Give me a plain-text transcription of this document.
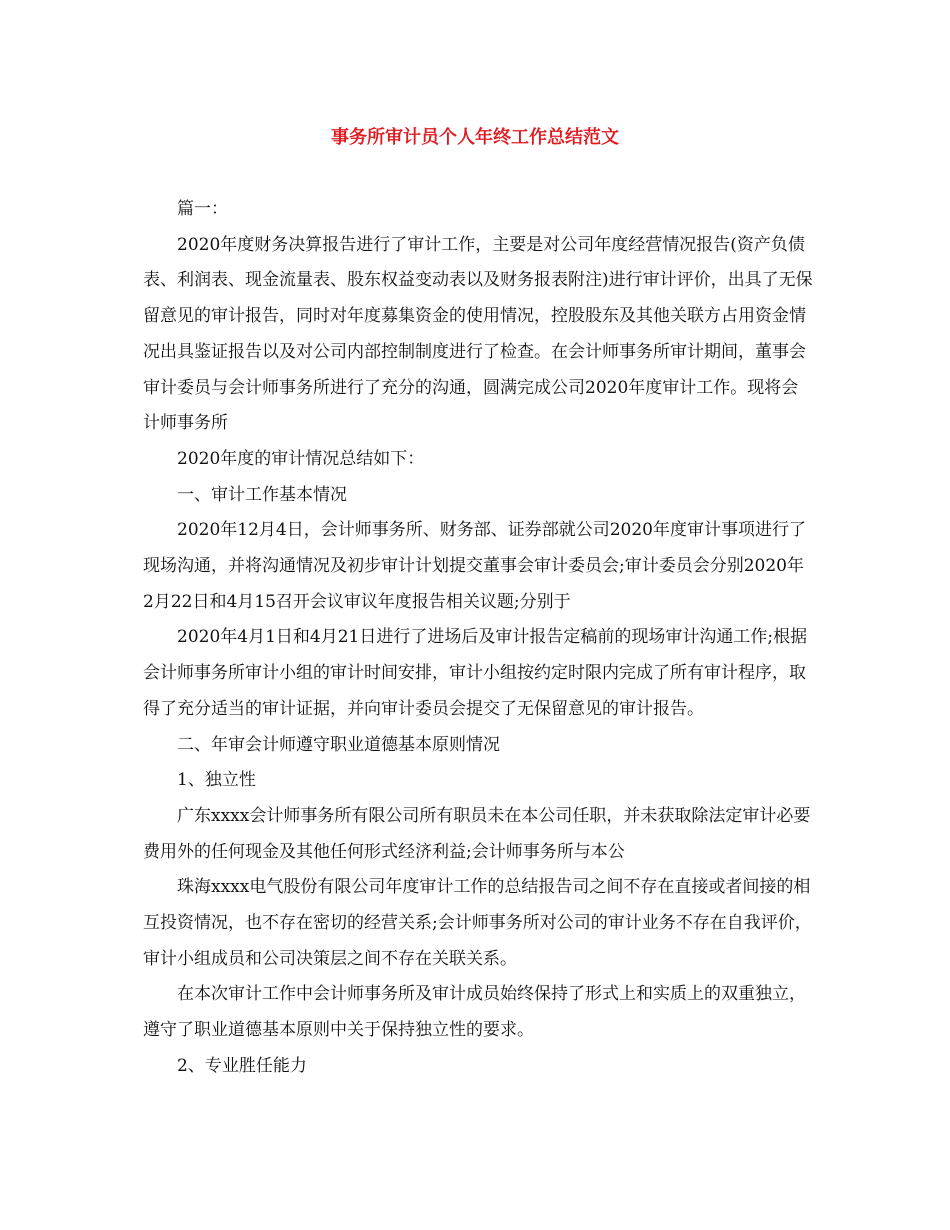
事务所审计员个人年终工作总结范文

篇一：

2020年度财务决算报告进行了审计工作，主要是对公司年度经营情况报告(资产负债表、利润表、现金流量表、股东权益变动表以及财务报表附注)进行审计评价，出具了无保留意见的审计报告，同时对年度募集资金的使用情况，控股股东及其他关联方占用资金情况出具鉴证报告以及对公司内部控制制度进行了检查。在会计师事务所审计期间，董事会审计委员与会计师事务所进行了充分的沟通，圆满完成公司2020年度审计工作。现将会计师事务所

2020年度的审计情况总结如下：

一、审计工作基本情况

2020年12月4日，会计师事务所、财务部、证券部就公司2020年度审计事项进行了现场沟通，并将沟通情况及初步审计计划提交董事会审计委员会;审计委员会分别2020年2月22日和4月15召开会议审议年度报告相关议题;分别于

2020年4月1日和4月21日进行了进场后及审计报告定稿前的现场审计沟通工作;根据会计师事务所审计小组的审计时间安排，审计小组按约定时限内完成了所有审计程序，取得了充分适当的审计证据，并向审计委员会提交了无保留意见的审计报告。

二、年审会计师遵守职业道德基本原则情况

1、独立性

广东xxxx会计师事务所有限公司所有职员未在本公司任职，并未获取除法定审计必要费用外的任何现金及其他任何形式经济利益;会计师事务所与本公

珠海xxxx电气股份有限公司年度审计工作的总结报告司之间不存在直接或者间接的相互投资情况，也不存在密切的经营关系;会计师事务所对公司的审计业务不存在自我评价，审计小组成员和公司决策层之间不存在关联关系。

在本次审计工作中会计师事务所及审计成员始终保持了形式上和实质上的双重独立，遵守了职业道德基本原则中关于保持独立性的要求。

2、专业胜任能力
